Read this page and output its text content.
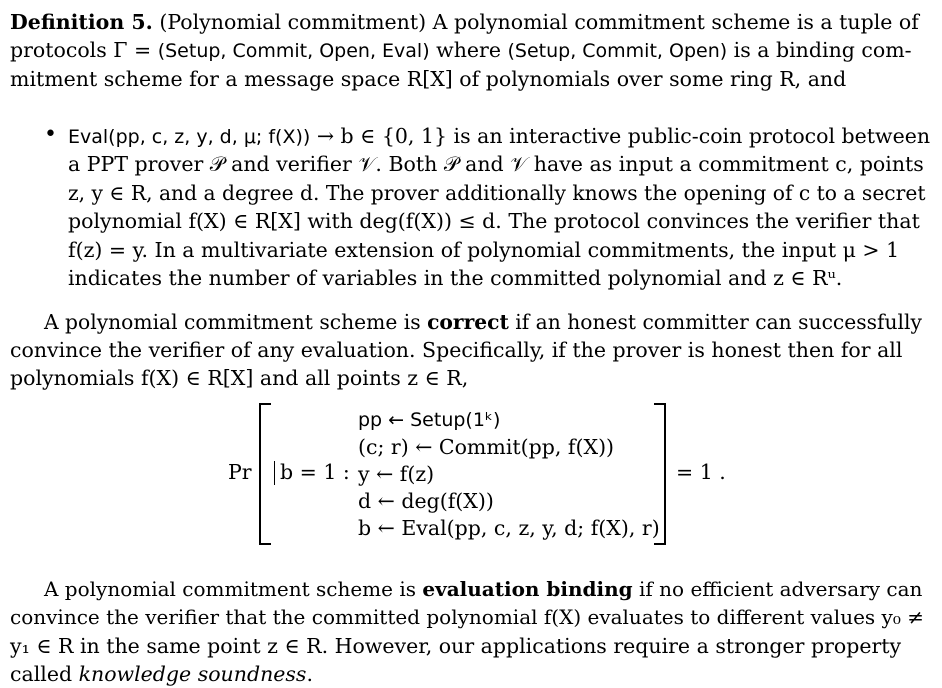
Definition 5. (Polynomial commitment) A polynomial commitment scheme is a tuple of
protocols Γ = (Setup, Commit, Open, Eval) where (Setup, Commit, Open) is a binding com-
mitment scheme for a message space R[X] of polynomials over some ring R, and
• Eval(pp, c, z, y, d, μ; f(X)) → b ∈ {0, 1} is an interactive public-coin protocol between
a PPT prover 𝒫 and verifier 𝒱. Both 𝒫 and 𝒱 have as input a commitment c, points
z, y ∈ R, and a degree d. The prover additionally knows the opening of c to a secret
polynomial f(X) ∈ R[X] with deg(f(X)) ≤ d. The protocol convinces the verifier that
f(z) = y. In a multivariate extension of polynomial commitments, the input μ > 1
indicates the number of variables in the committed polynomial and z ∈ Rᵘ.
A polynomial commitment scheme is correct if an honest committer can successfully
convince the verifier of any evaluation. Specifically, if the prover is honest then for all
polynomials f(X) ∈ R[X] and all points z ∈ R,
Pr b = 1 :
pp ← Setup(1ᵏ)
(c; r) ← Commit(pp, f(X))
y ← f(z)
d ← deg(f(X))
b ← Eval(pp, c, z, y, d; f(X), r)
= 1 .
A polynomial commitment scheme is evaluation binding if no efficient adversary can
convince the verifier that the committed polynomial f(X) evaluates to different values y₀ ≠
y₁ ∈ R in the same point z ∈ R. However, our applications require a stronger property
called knowledge soundness.
